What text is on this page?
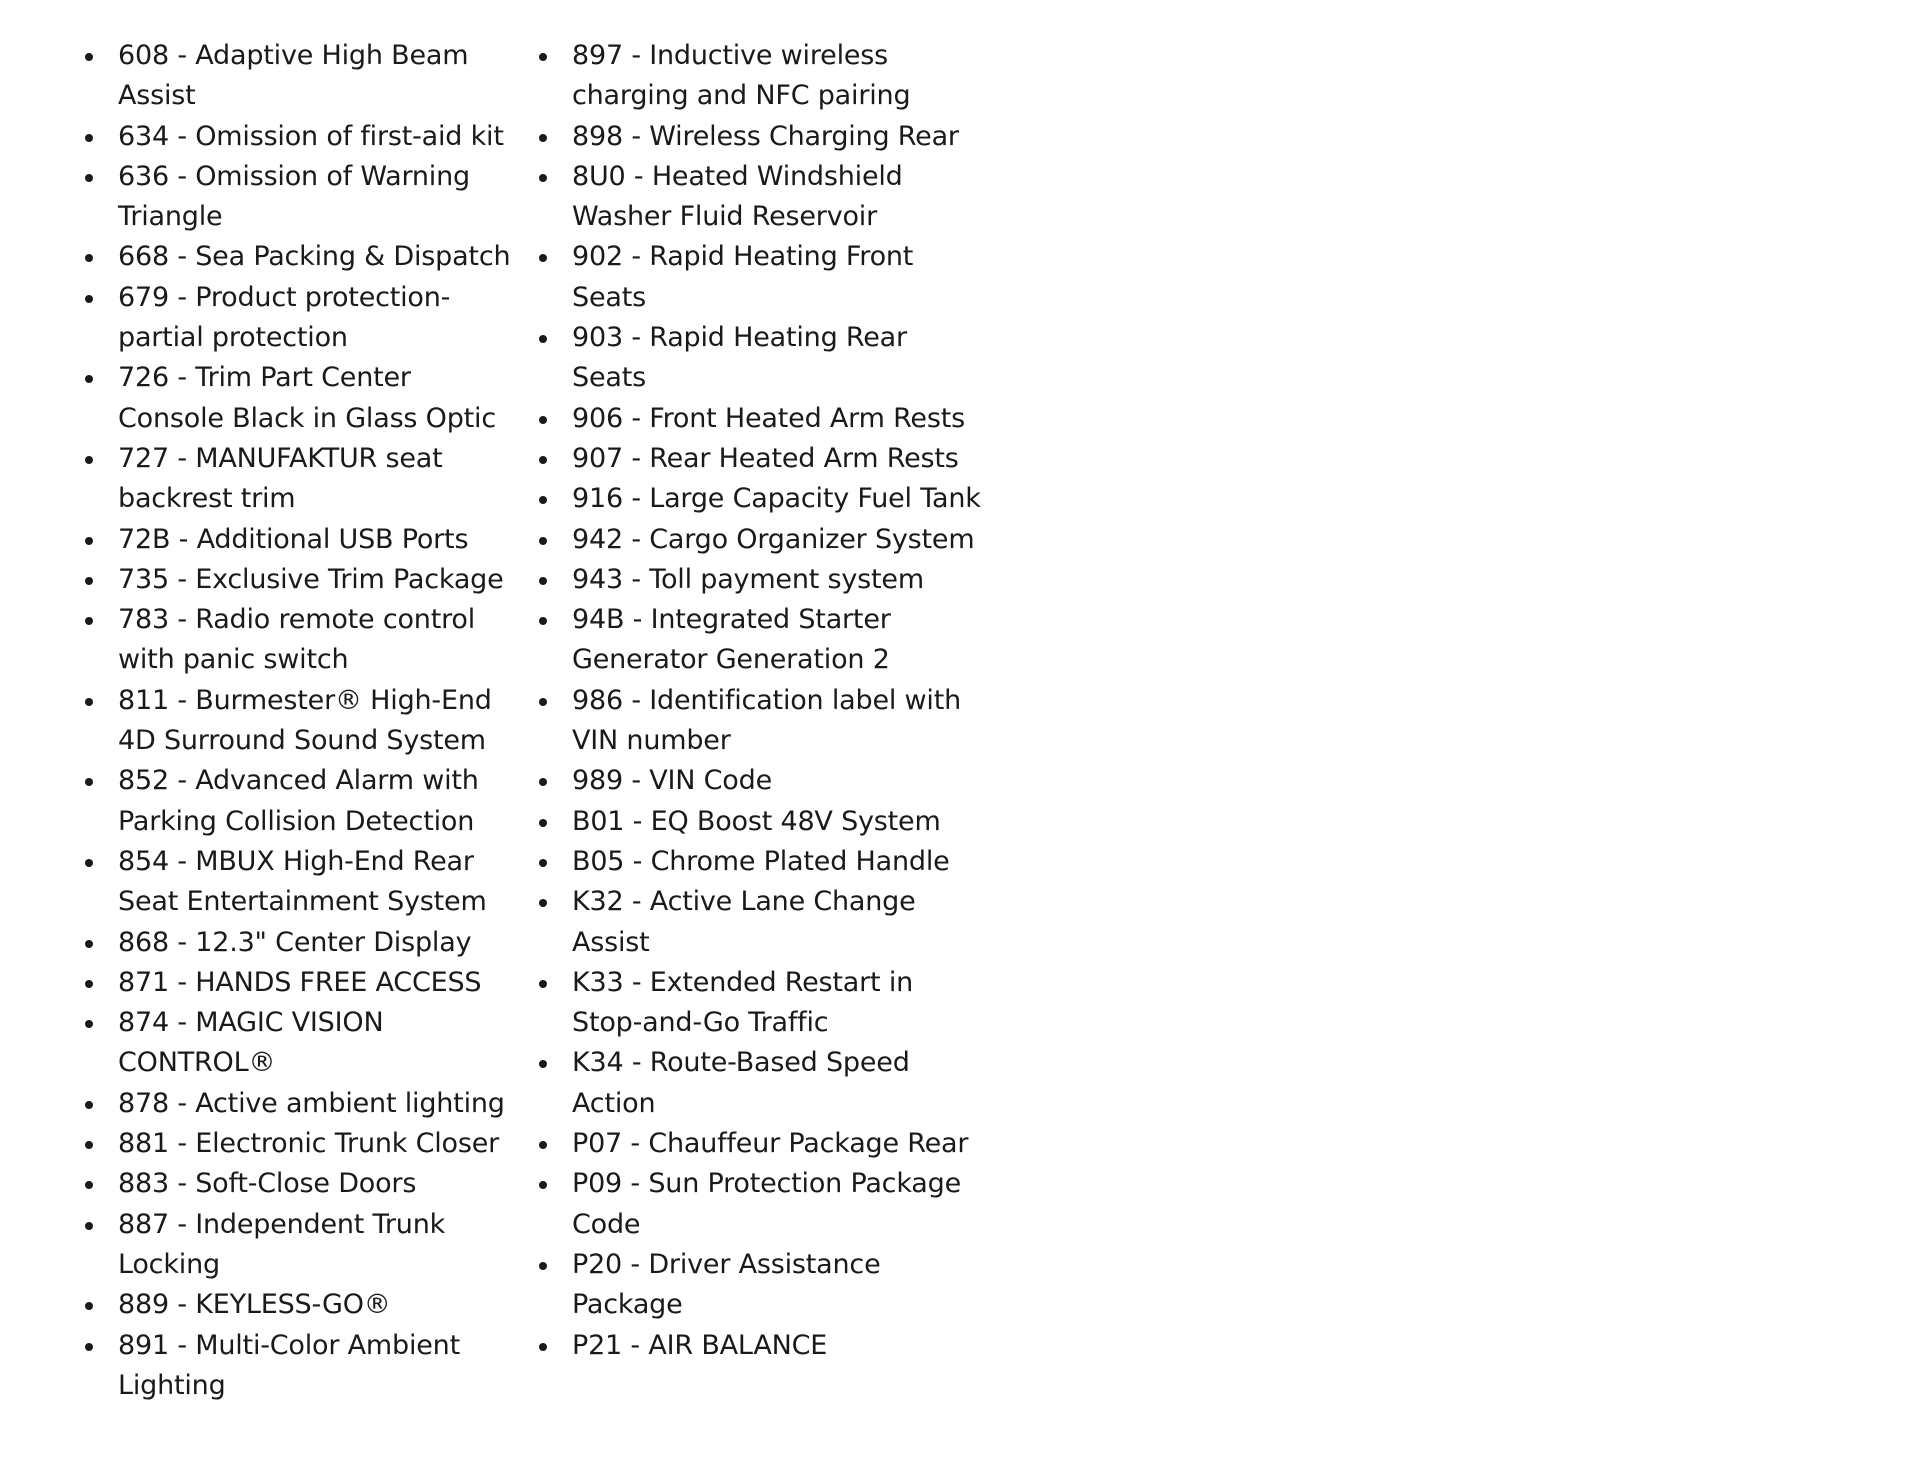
608 - Adaptive High Beam Assist
634 - Omission of first-aid kit
636 - Omission of Warning Triangle
668 - Sea Packing & Dispatch
679 - Product protection-partial protection
726 - Trim Part Center Console Black in Glass Optic
727 - MANUFAKTUR seat backrest trim
72B - Additional USB Ports
735 - Exclusive Trim Package
783 - Radio remote control with panic switch
811 - Burmester® High-End 4D Surround Sound System
852 - Advanced Alarm with Parking Collision Detection
854 - MBUX High-End Rear Seat Entertainment System
868 - 12.3" Center Display
871 - HANDS FREE ACCESS
874 - MAGIC VISION CONTROL®
878 - Active ambient lighting
881 - Electronic Trunk Closer
883 - Soft-Close Doors
887 - Independent Trunk Locking
889 - KEYLESS-GO®
891 - Multi-Color Ambient Lighting
897 - Inductive wireless charging and NFC pairing
898 - Wireless Charging Rear
8U0 - Heated Windshield Washer Fluid Reservoir
902 - Rapid Heating Front Seats
903 - Rapid Heating Rear Seats
906 - Front Heated Arm Rests
907 - Rear Heated Arm Rests
916 - Large Capacity Fuel Tank
942 - Cargo Organizer System
943 - Toll payment system
94B - Integrated Starter Generator Generation 2
986 - Identification label with VIN number
989 - VIN Code
B01 - EQ Boost 48V System
B05 - Chrome Plated Handle
K32 - Active Lane Change Assist
K33 - Extended Restart in Stop-and-Go Traffic
K34 - Route-Based Speed Action
P07 - Chauffeur Package Rear
P09 - Sun Protection Package Code
P20 - Driver Assistance Package
P21 - AIR BALANCE
